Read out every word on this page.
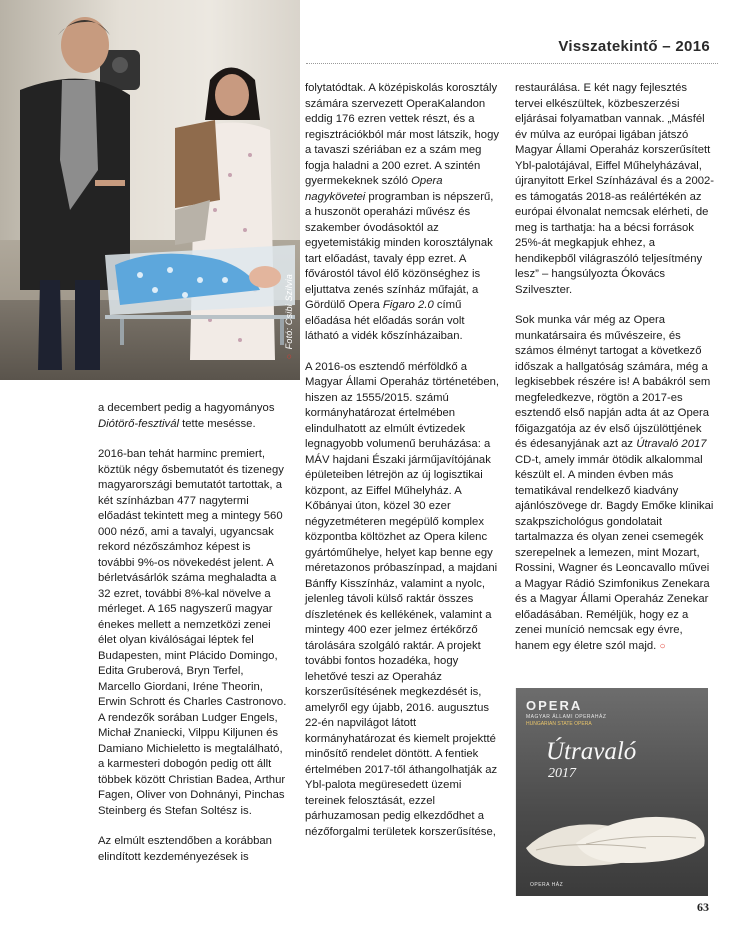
○ Fotó: Csibi Szilvia
Visszatekintő – 2016

a decembert pedig a hagyományos Diótörő-fesztivál tette mesésse.

2016-ban tehát harminc premiert, köztük négy ősbemutatót és tizenegy magyarországi bemutatót tartottak, a két színházban 477 nagytermi előadást tekintett meg a mintegy 560 000 néző, ami a tavalyi, ugyancsak rekord nézőszámhoz képest is további 9%-os növekedést jelent. A bérletvásárlók száma meghaladta a 32 ezret, további 8%-kal növelve a mérleget. A 165 nagyszerű magyar énekes mellett a nemzetközi zenei élet olyan kiválóságai léptek fel Budapesten, mint Plácido Domingo, Edita Gruberová, Bryn Terfel, Marcello Giordani, Iréne Theorin, Erwin Schrott és Charles Castronovo. A rendezők sorában Ludger Engels, Michał Znaniecki, Vilppu Kiljunen és Damiano Michieletto is megtalálható, a karmesteri dobogón pedig ott állt többek között Christian Badea, Arthur Fagen, Oliver von Dohnányi, Pinchas Steinberg és Stefan Soltész is.

Az elmúlt esztendőben a korábban elindított kezdeményezések is

folytatódtak. A középiskolás korosztály számára szervezett OperaKalandon eddig 176 ezren vettek részt, és a regisztrációkból már most látszik, hogy a tavaszi szériában ez a szám meg fogja haladni a 200 ezret. A szintén gyermekeknek szóló Opera nagykövetei programban is népszerű, a huszonöt operaházi művész és szakember óvodásoktól az egyetemistákig minden korosztálynak tart előadást, tavaly épp ezret. A fővárostól távol élő közönséghez is eljuttatva zenés színház műfaját, a Gördülő Opera Figaro 2.0 című előadása hét előadás során volt látható a vidék kőszínházaiban.

A 2016-os esztendő mérföldkő a Magyar Állami Operaház történetében, hiszen az 1555/2015. számú kormányhatározat értelmében elindulhatott az elmúlt évtizedek legnagyobb volumenű beruházása: a MÁV hajdani Északi járműjavítójának épületeiben létrejön az új logisztikai központ, az Eiffel Műhelyház. A Kőbányai úton, közel 30 ezer négyzetméteren megépülő komplex központba költözhet az Opera kilenc gyártóműhelye, helyet kap benne egy méretazonos próbaszínpad, a majdani Bánffy Kisszínház, valamint a nyolc, jelenleg távoli külső raktár összes díszletének és kellékének, valamint a mintegy 400 ezer jelmez értékőrző tárolására szolgáló raktár. A projekt további fontos hozadéka, hogy lehetővé teszi az Operaház korszerűsítésének megkezdését is, amelyről egy újabb, 2016. augusztus 22-én napvilágot látott kormányhatározat és kiemelt projektté minősítő rendelet döntött. A fentiek értelmében 2017-től áthangolhatják az Ybl-palota megüresedett üzemi tereinek felosztását, ezzel párhuzamosan pedig elkezdődhet a nézőforgalmi területek korszerűsítése,

restaurálása. E két nagy fejlesztés tervei elkészültek, közbeszerzési eljárásai folyamatban vannak. „Másfél év múlva az európai ligában játszó Magyar Állami Operaház korszerűsített Ybl-palotájával, Eiffel Műhelyházával, újranyitott Erkel Színházával és a 2002-es támogatás 2018-as reálértékén az európai élvonalat nemcsak elérheti, de meg is tarthatja: ha a bécsi források 25%-át megkapjuk ehhez, a hendikepből világraszóló teljesítmény lesz” – hangsúlyozta Ókovács Szilveszter.

Sok munka vár még az Opera munkatársaira és művészeire, és számos élményt tartogat a következő időszak a hallgatóság számára, még a legkisebbek részére is! A babákról sem megfeledkezve, rögtön a 2017-es esztendő első napján adta át az Opera főigazgatója az év első újszülöttjének és édesanyjának azt az Útravaló 2017 CD-t, amely immár ötödik alkalommal készült el. A minden évben más tematikával rendelkező kiadvány ajánlószövege dr. Bagdy Emőke klinikai szakpszichológus gondolatait tartalmazza és olyan zenei csemegék szerepelnek a lemezen, mint Mozart, Rossini, Wagner és Leoncavallo művei a Magyar Rádió Szimfonikus Zenekara és a Magyar Állami Operaház Zenekar előadásában. Reméljük, hogy ez a zenei muníció nemcsak egy évre, hanem egy életre szól majd. ○

OPERA
MAGYAR ÁLLAMI OPERAHÁZ
HUNGARIAN STATE OPERA
Útravaló
2017
OPERA HÁZ
63
